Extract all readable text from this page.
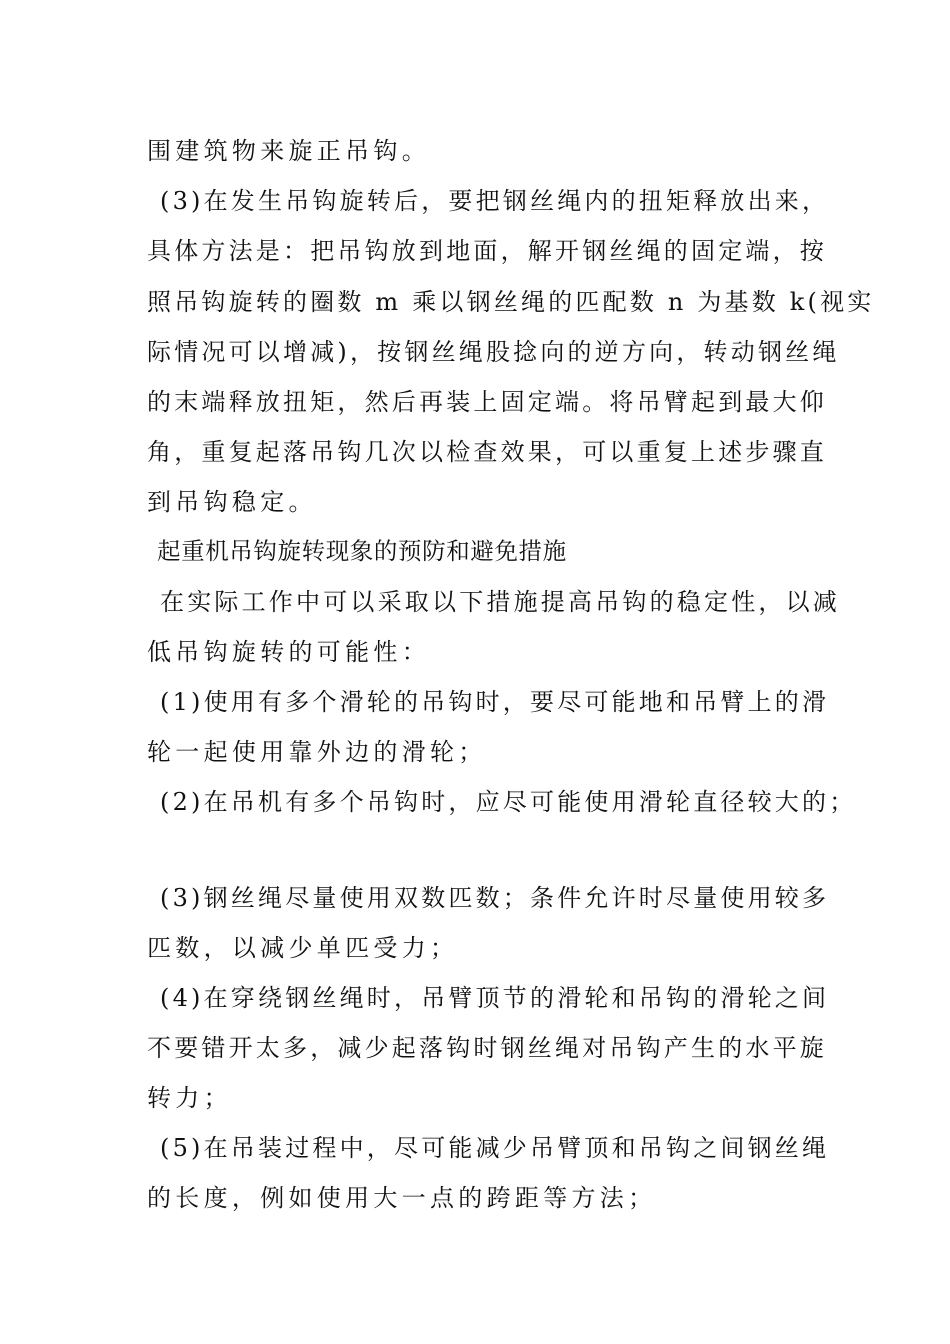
围建筑物来旋正吊钩。
(3)在发生吊钩旋转后，要把钢丝绳内的扭矩释放出来，
具体方法是：把吊钩放到地面，解开钢丝绳的固定端，按
照吊钩旋转的圈数 m 乘以钢丝绳的匹配数 n 为基数 k(视实
际情况可以增减)，按钢丝绳股捻向的逆方向，转动钢丝绳
的末端释放扭矩，然后再装上固定端。将吊臂起到最大仰
角，重复起落吊钩几次以检查效果，可以重复上述步骤直
到吊钩稳定。
起重机吊钩旋转现象的预防和避免措施
在实际工作中可以采取以下措施提高吊钩的稳定性，以减
低吊钩旋转的可能性：
(1)使用有多个滑轮的吊钩时，要尽可能地和吊臂上的滑
轮一起使用靠外边的滑轮；
(2)在吊机有多个吊钩时，应尽可能使用滑轮直径较大的；
(3)钢丝绳尽量使用双数匹数；条件允许时尽量使用较多
匹数，以减少单匹受力；
(4)在穿绕钢丝绳时，吊臂顶节的滑轮和吊钩的滑轮之间
不要错开太多，减少起落钩时钢丝绳对吊钩产生的水平旋
转力；
(5)在吊装过程中，尽可能减少吊臂顶和吊钩之间钢丝绳
的长度，例如使用大一点的跨距等方法；
